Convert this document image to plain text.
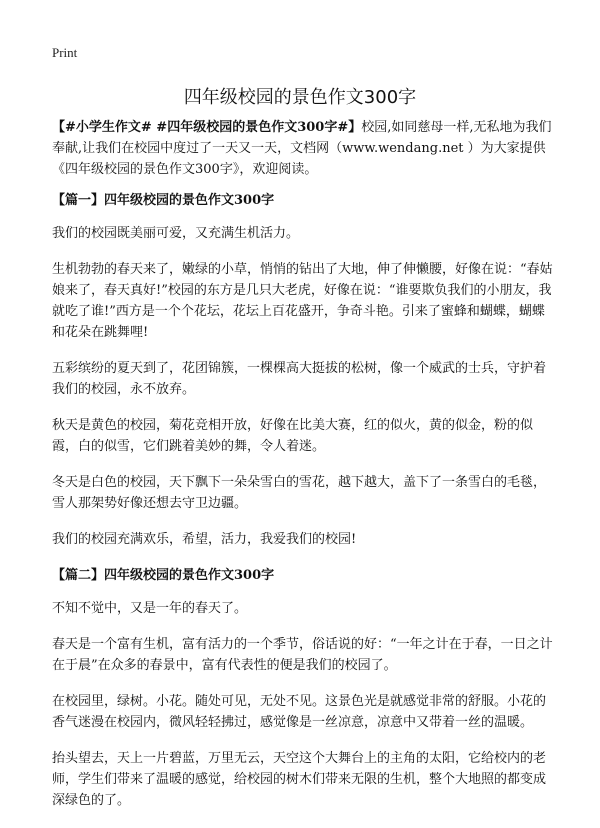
Print
四年级校园的景色作文300字

【#小学生作文# #四年级校园的景色作文300字#】校园,如同慈母一样,无私地为我们奉献,让我们在校园中度过了一天又一天，文档网（www.wendang.net ）为大家提供《四年级校园的景色作文300字》，欢迎阅读。

【篇一】四年级校园的景色作文300字

我们的校园既美丽可爱，又充满生机活力。

生机勃勃的春天来了，嫩绿的小草，悄悄的钻出了大地，伸了伸懒腰，好像在说：“春姑娘来了，春天真好!”校园的东方是几只大老虎，好像在说：“谁要欺负我们的小朋友，我就吃了谁!”西方是一个个花坛，花坛上百花盛开，争奇斗艳。引来了蜜蜂和蝴蝶，蝴蝶和花朵在跳舞哩!

五彩缤纷的夏天到了，花团锦簇，一棵棵高大挺拔的松树，像一个威武的士兵，守护着我们的校园，永不放弃。

秋天是黄色的校园，菊花竞相开放，好像在比美大赛，红的似火，黄的似金，粉的似霞，白的似雪，它们跳着美妙的舞，令人着迷。

冬天是白色的校园，天下飘下一朵朵雪白的雪花，越下越大，盖下了一条雪白的毛毯，雪人那架势好像还想去守卫边疆。

我们的校园充满欢乐，希望，活力，我爱我们的校园!

【篇二】四年级校园的景色作文300字

不知不觉中，又是一年的春天了。

春天是一个富有生机，富有活力的一个季节，俗话说的好：“一年之计在于春，一日之计在于晨”在众多的春景中，富有代表性的便是我们的校园了。

在校园里，绿树。小花。随处可见，无处不见。这景色光是就感觉非常的舒服。小花的香气迷漫在校园内，微风轻轻拂过，感觉像是一丝凉意，凉意中又带着一丝的温暖。

抬头望去，天上一片碧蓝，万里无云，天空这个大舞台上的主角的太阳，它给校内的老师，学生们带来了温暖的感觉，给校园的树木们带来无限的生机，整个大地照的都变成深绿色的了。
